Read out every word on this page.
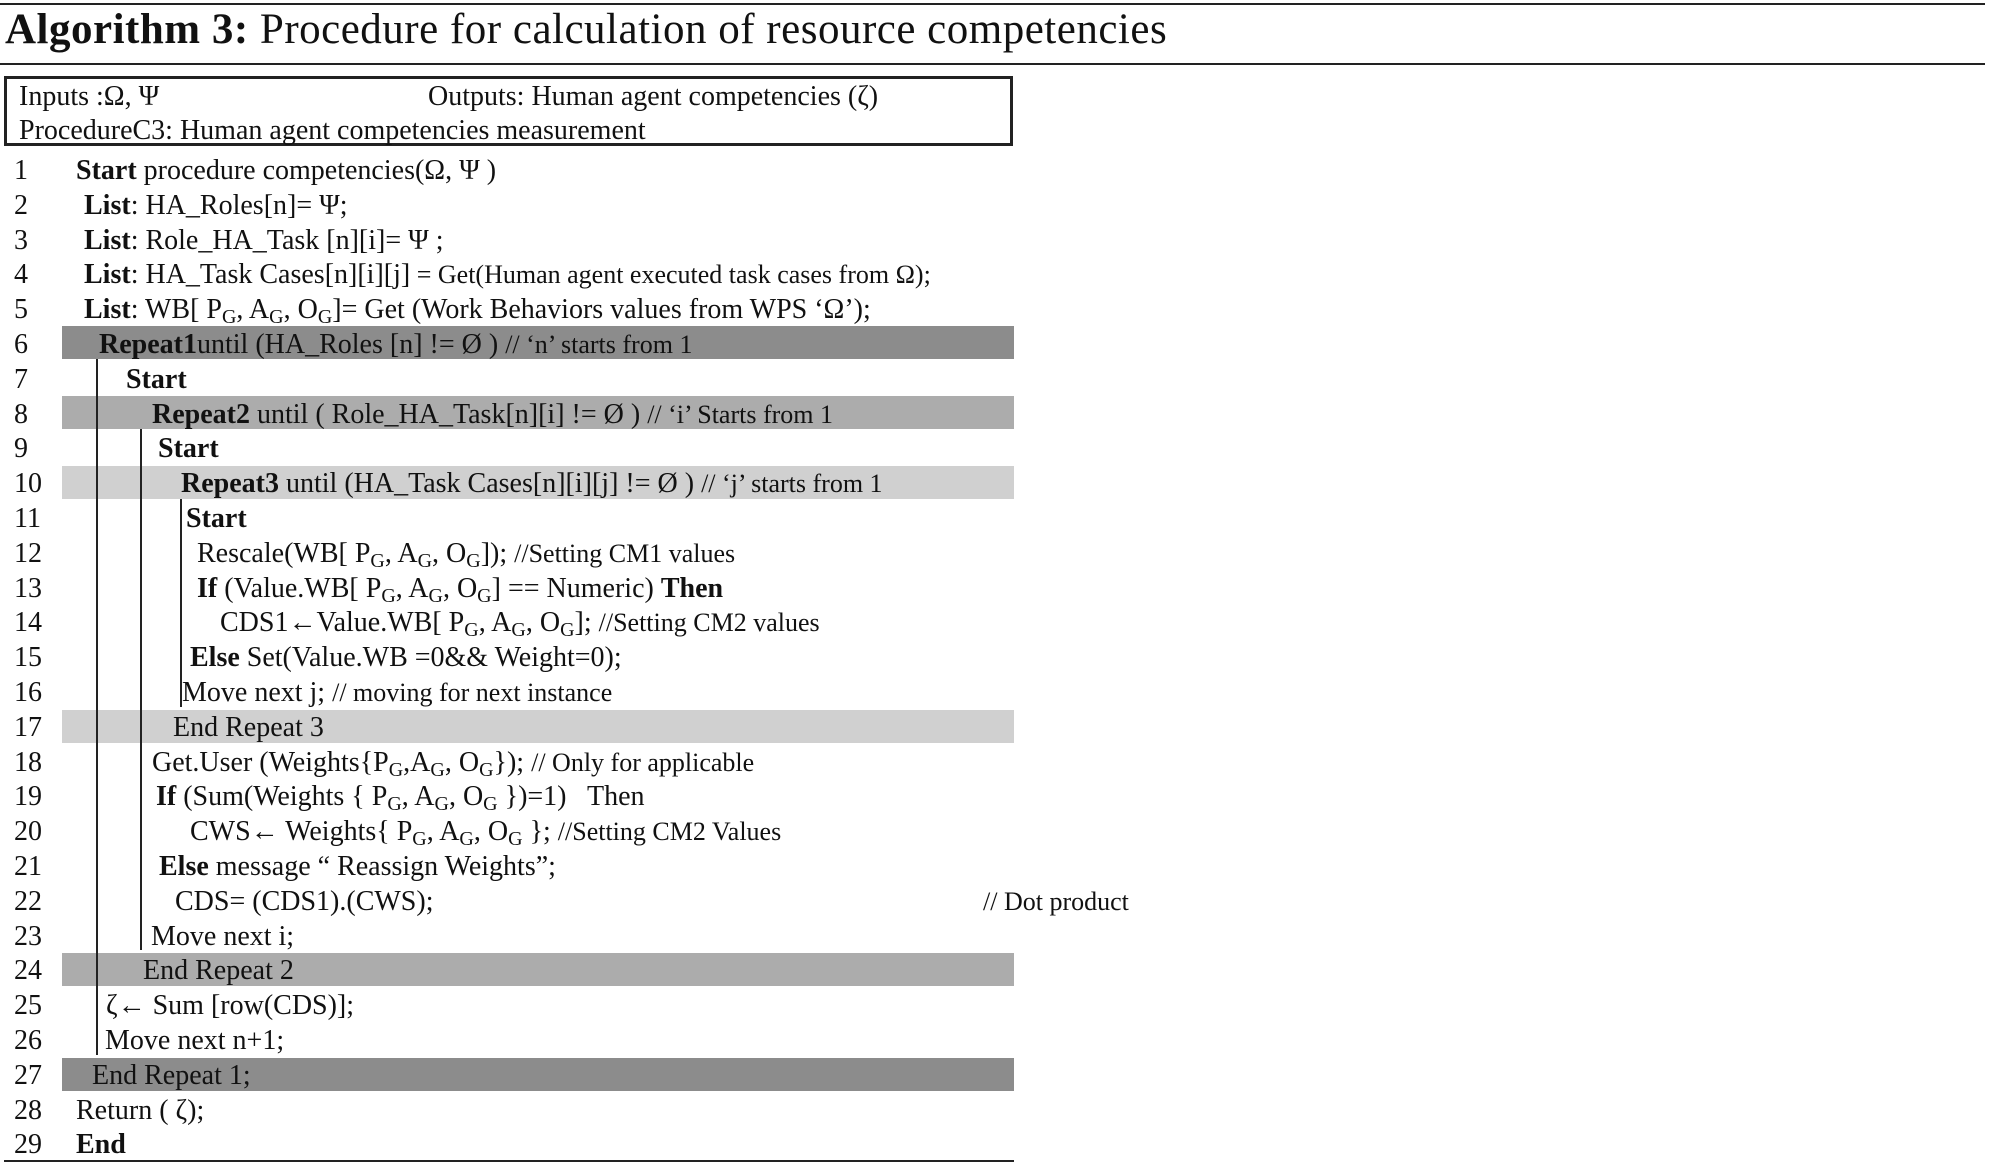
Algorithm 3: Procedure for calculation of resource competencies
Inputs :Ω, Ψ	Outputs: Human agent competencies (ζ)
ProcedureC3: Human agent competencies measurement
1 Start procedure competencies(Ω, Ψ )
2 List: HA_Roles[n]= Ψ;
3 List: Role_HA_Task [n][i]= Ψ ;
4 List: HA_Task Cases[n][i][j] = Get(Human agent executed task cases from Ω);
5 List: WB[ $P_G$, $A_G$, $O_G]=$ Get (Work Behaviors values from WPS ‘Ω’);
6	Repeat1until (HA_Roles [n] != Ø ) // ‘n’ starts from 1
7	Start
8	Repeat2 until ( Role_HA_Task[n][i] != Ø ) // ‘i’ Starts from 1
9	Start
10	Repeat3 until (HA_Task Cases[n][i][j] != Ø ) // ‘j’ starts from 1
11	Start
12	Rescale(WB[ $P_G$, $A_G$, $O_G$]); //Setting CM1 values
13	If (Value.WB[ $P_G$, $A_G$, $O_G$] == Numeric) Then
14	CDS1←Value.WB[ $P_G$, $A_G$, $O_G$]; //Setting CM2 values
15	Else Set(Value.WB =0&& Weight=0);
16	Move next j; // moving for next instance
17	End Repeat 3
18	Get.User ($Weights\{P_G,A_G$, $O_G$}); // Only for applicable
19	If (Sum(Weights { $P_G$, $A_G$, $O_G$ })=1)   Then
20	CWS← Weights{ $P_G$, $A_G$, $O_G$ }; //Setting CM2 Values
21	Else message “ Reassign Weights”;
22	CDS= (CDS1).(CWS);	// Dot product
23	Move next i;
24	End Repeat 2
25 ζ← Sum [row(CDS)];
26 Move next n+1;
27 End Repeat 1;
28 Return ( ζ);
29 End
